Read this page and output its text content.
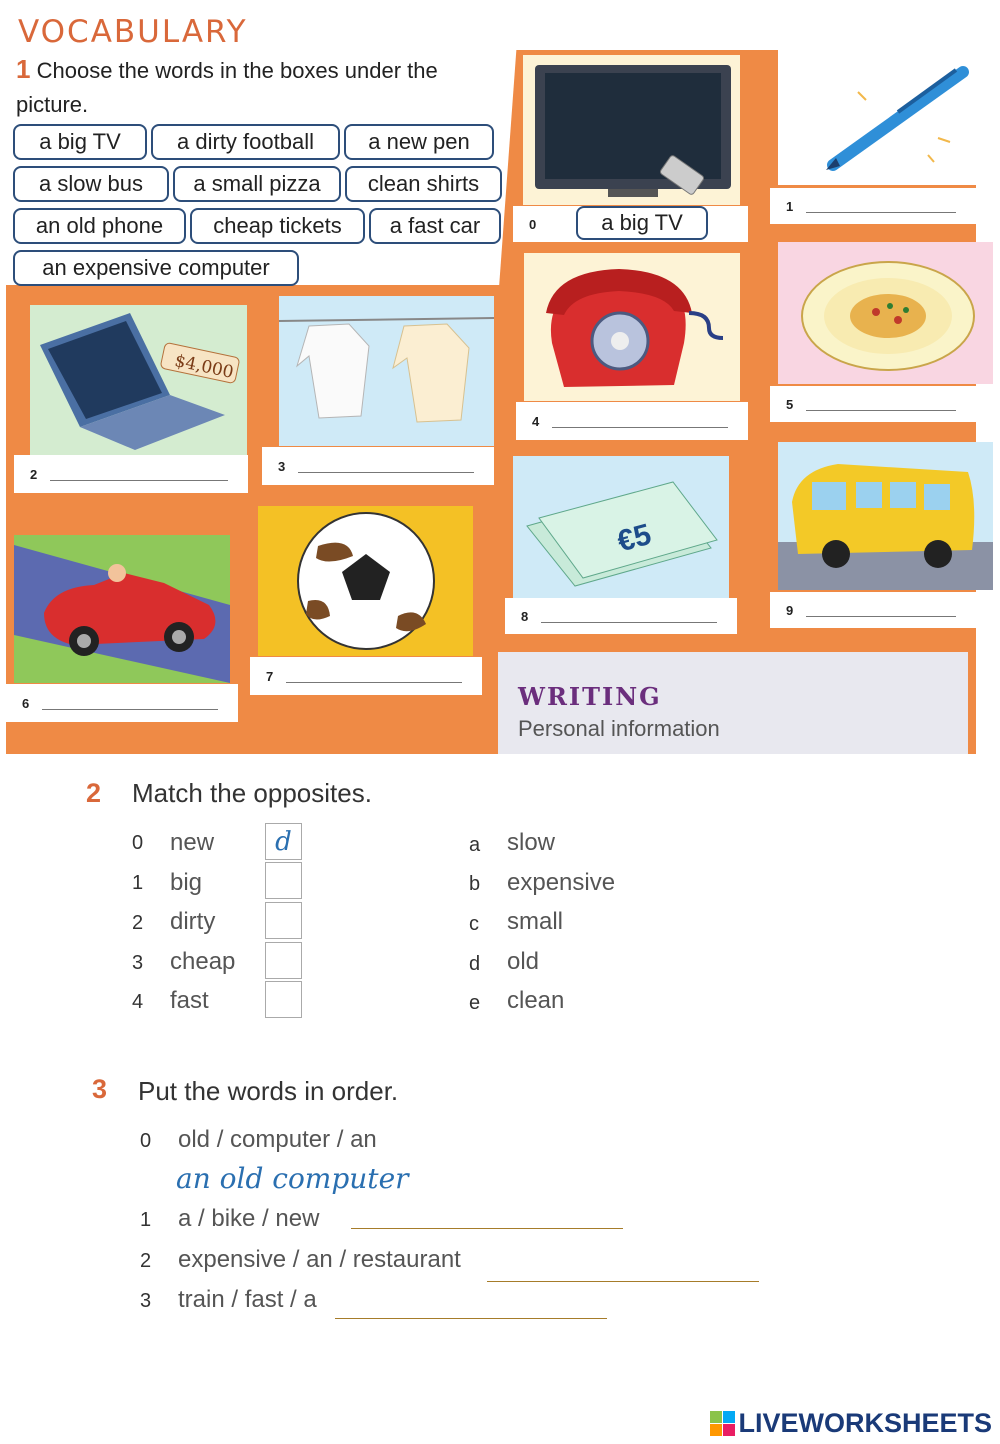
VOCABULARY
1 Choose the words in the boxes under the picture.
a big TV	a dirty football	a new pen
a slow bus	a small pizza	clean shirts
an old phone	cheap tickets	a fast car
an expensive computer
0	a big TV
1
$4,000
2
3
4
5
6
7
€5
8	9
WRITING
Personal information
2 Match the opposites.
0 new	d
1 big
2 dirty
3 cheap
4 fast
a slow
b expensive
c small
d old
e clean
3 Put the words in order.
0 old / computer / an
an old computer
1 a / bike / new
2 expensive / an / restaurant
3 train / fast / a
LIVEWORKSHEETS
